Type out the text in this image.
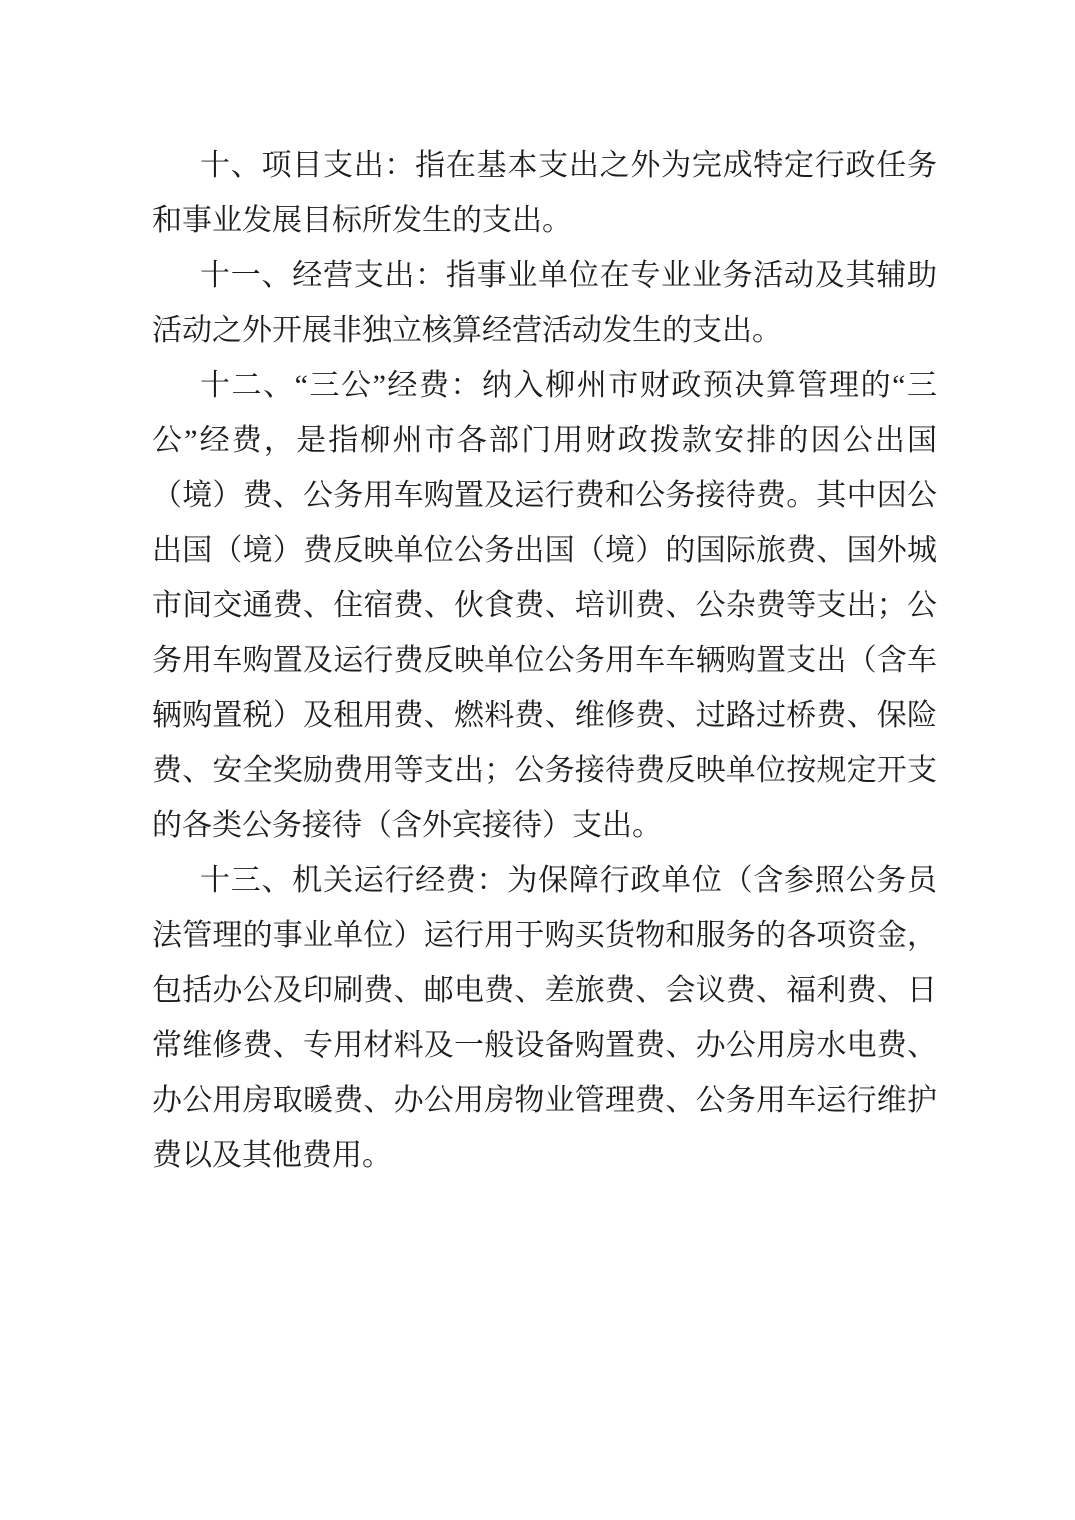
十、项目支出：指在基本支出之外为完成特定行政任务
和事业发展目标所发生的支出。
十一、经营支出：指事业单位在专业业务活动及其辅助
活动之外开展非独立核算经营活动发生的支出。
十二、“三公”经费：纳入柳州市财政预决算管理的“三
公”经费，是指柳州市各部门用财政拨款安排的因公出国
（境）费、公务用车购置及运行费和公务接待费。其中因公
出国（境）费反映单位公务出国（境）的国际旅费、国外城
市间交通费、住宿费、伙食费、培训费、公杂费等支出；公
务用车购置及运行费反映单位公务用车车辆购置支出（含车
辆购置税）及租用费、燃料费、维修费、过路过桥费、保险
费、安全奖励费用等支出；公务接待费反映单位按规定开支
的各类公务接待（含外宾接待）支出。
十三、机关运行经费：为保障行政单位（含参照公务员
法管理的事业单位）运行用于购买货物和服务的各项资金，
包括办公及印刷费、邮电费、差旅费、会议费、福利费、日
常维修费、专用材料及一般设备购置费、办公用房水电费、
办公用房取暖费、办公用房物业管理费、公务用车运行维护
费以及其他费用。
